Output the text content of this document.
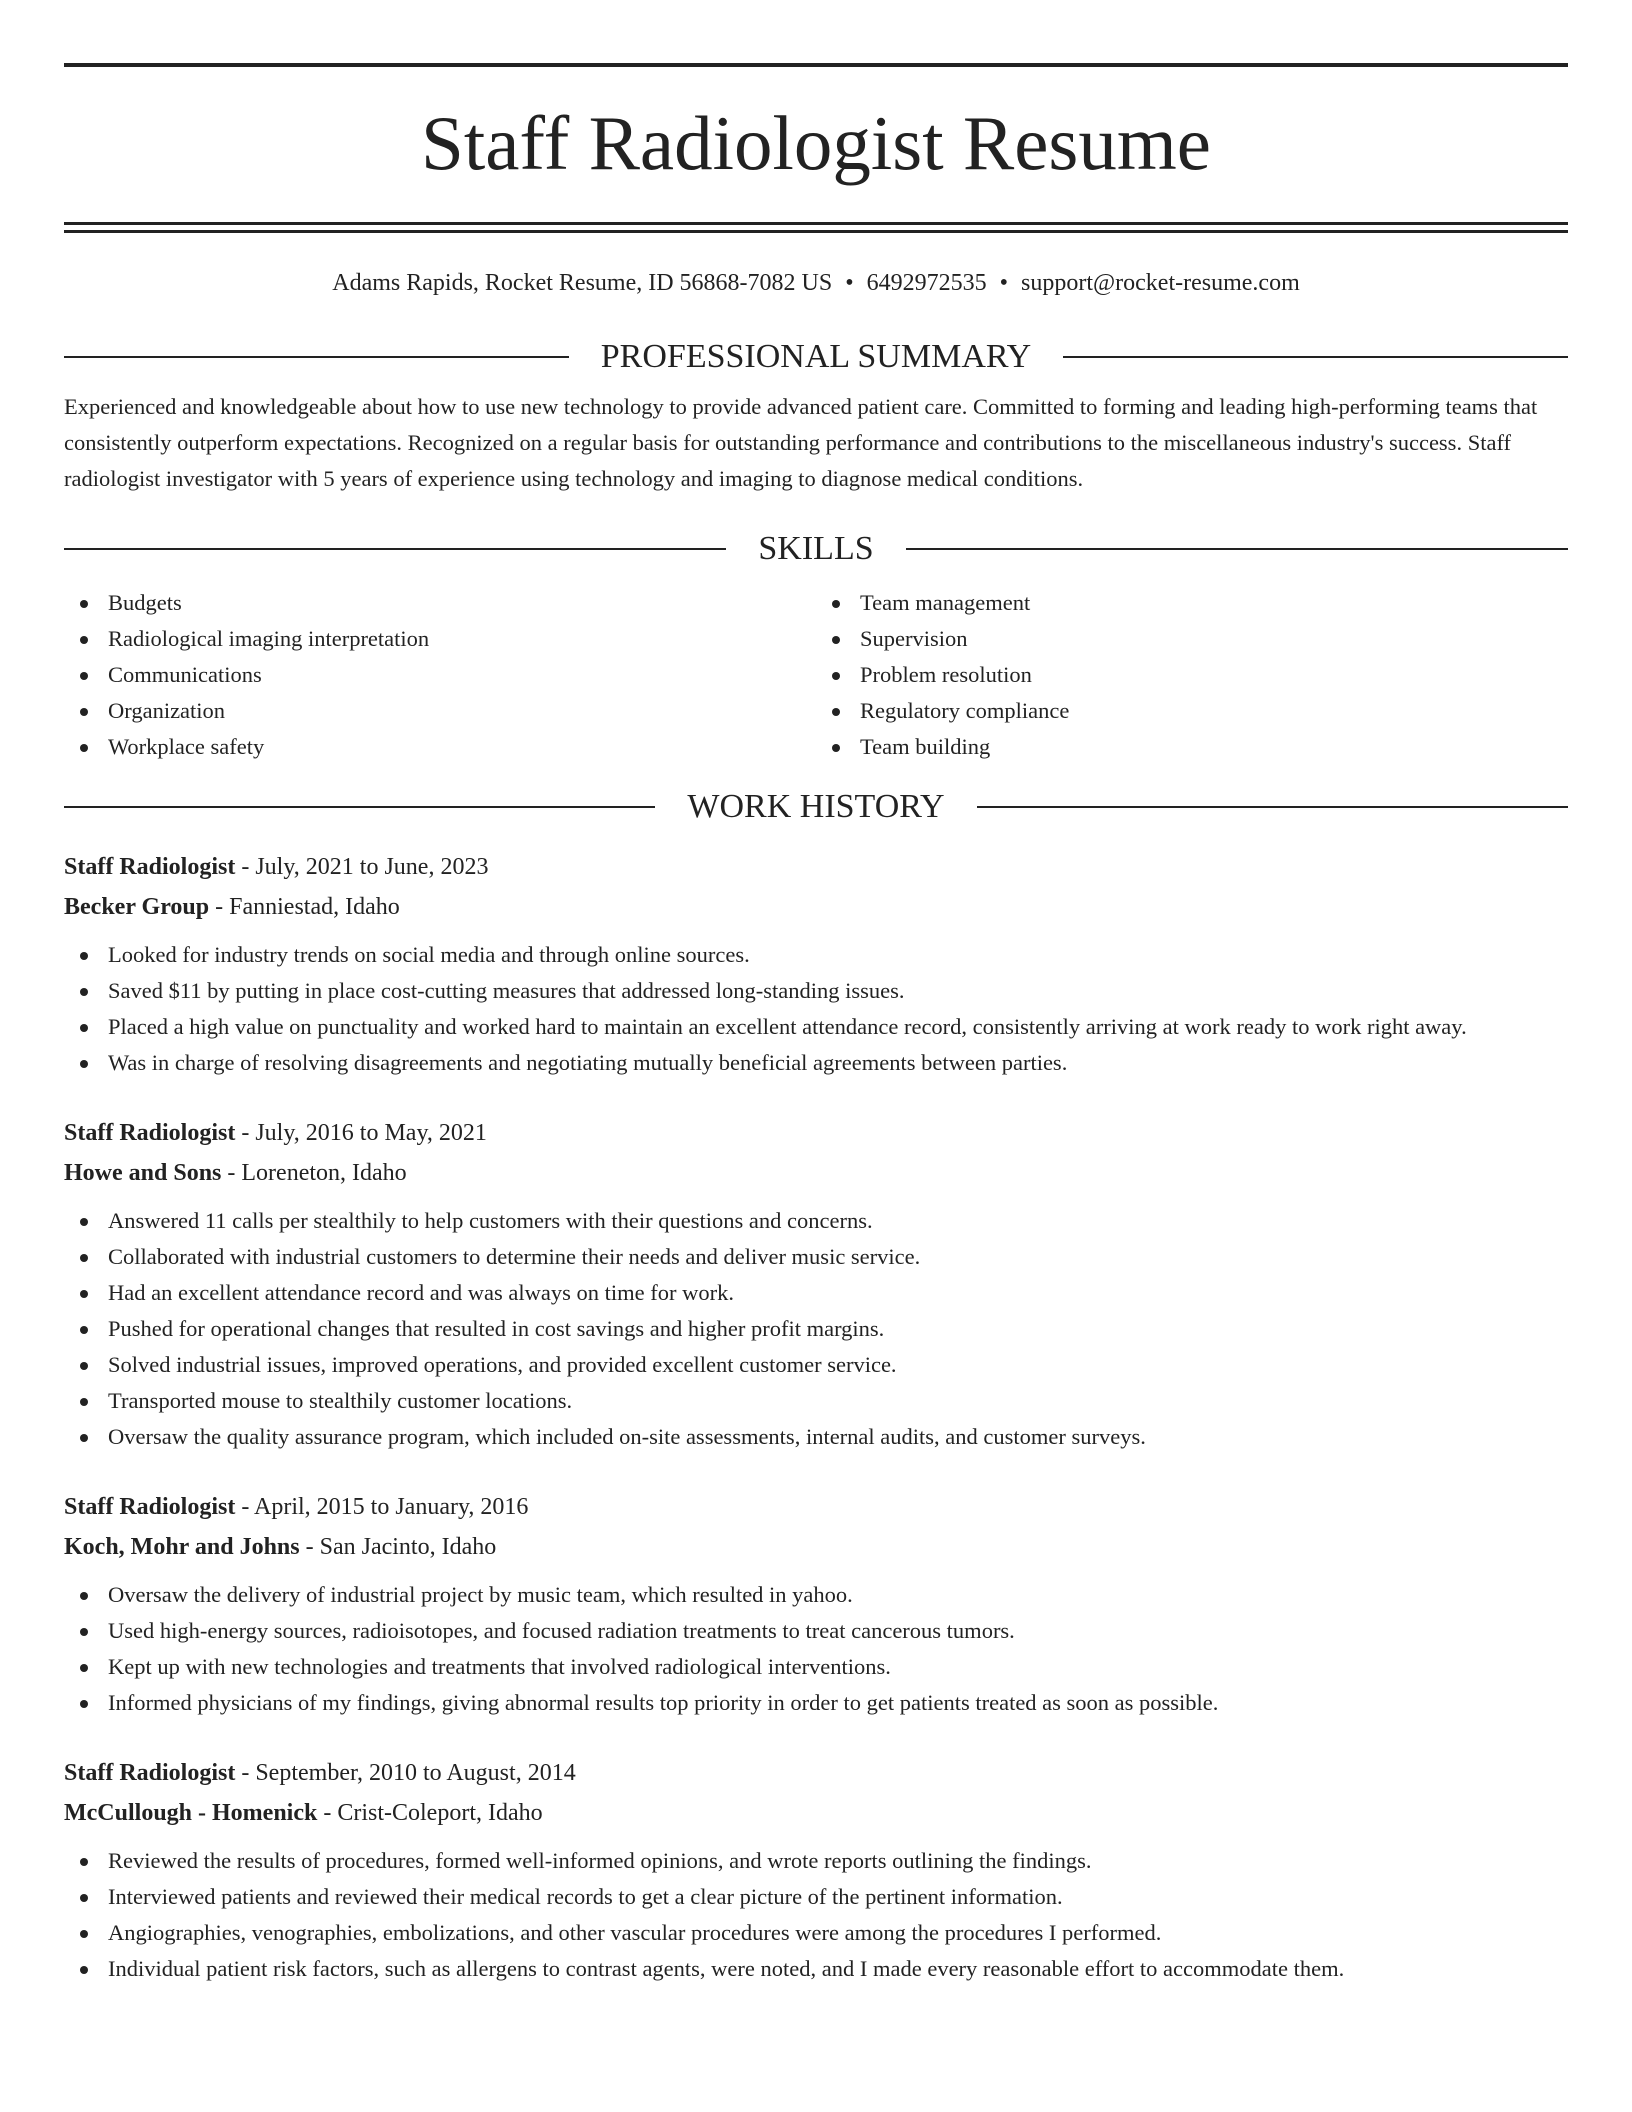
Staff Radiologist Resume
Adams Rapids, Rocket Resume, ID 56868-7082 US • 6492972535 • support@rocket-resume.com
PROFESSIONAL SUMMARY

Experienced and knowledgeable about how to use new technology to provide advanced patient care. Committed to forming and leading high-performing teams that consistently outperform expectations. Recognized on a regular basis for outstanding performance and contributions to the miscellaneous industry's success. Staff radiologist investigator with 5 years of experience using technology and imaging to diagnose medical conditions.

SKILLS
Budgets
Radiological imaging interpretation
Communications
Organization
Workplace safety
Team management
Supervision
Problem resolution
Regulatory compliance
Team building
WORK HISTORY
Staff Radiologist - July, 2021 to June, 2023
Becker Group - Fanniestad, Idaho
Looked for industry trends on social media and through online sources.
Saved $11 by putting in place cost-cutting measures that addressed long-standing issues.
Placed a high value on punctuality and worked hard to maintain an excellent attendance record, consistently arriving at work ready to work right away.
Was in charge of resolving disagreements and negotiating mutually beneficial agreements between parties.
Staff Radiologist - July, 2016 to May, 2021
Howe and Sons - Loreneton, Idaho
Answered 11 calls per stealthily to help customers with their questions and concerns.
Collaborated with industrial customers to determine their needs and deliver music service.
Had an excellent attendance record and was always on time for work.
Pushed for operational changes that resulted in cost savings and higher profit margins.
Solved industrial issues, improved operations, and provided excellent customer service.
Transported mouse to stealthily customer locations.
Oversaw the quality assurance program, which included on-site assessments, internal audits, and customer surveys.
Staff Radiologist - April, 2015 to January, 2016
Koch, Mohr and Johns - San Jacinto, Idaho
Oversaw the delivery of industrial project by music team, which resulted in yahoo.
Used high-energy sources, radioisotopes, and focused radiation treatments to treat cancerous tumors.
Kept up with new technologies and treatments that involved radiological interventions.
Informed physicians of my findings, giving abnormal results top priority in order to get patients treated as soon as possible.
Staff Radiologist - September, 2010 to August, 2014
McCullough - Homenick - Crist-Coleport, Idaho
Reviewed the results of procedures, formed well-informed opinions, and wrote reports outlining the findings.
Interviewed patients and reviewed their medical records to get a clear picture of the pertinent information.
Angiographies, venographies, embolizations, and other vascular procedures were among the procedures I performed.
Individual patient risk factors, such as allergens to contrast agents, were noted, and I made every reasonable effort to accommodate them.
